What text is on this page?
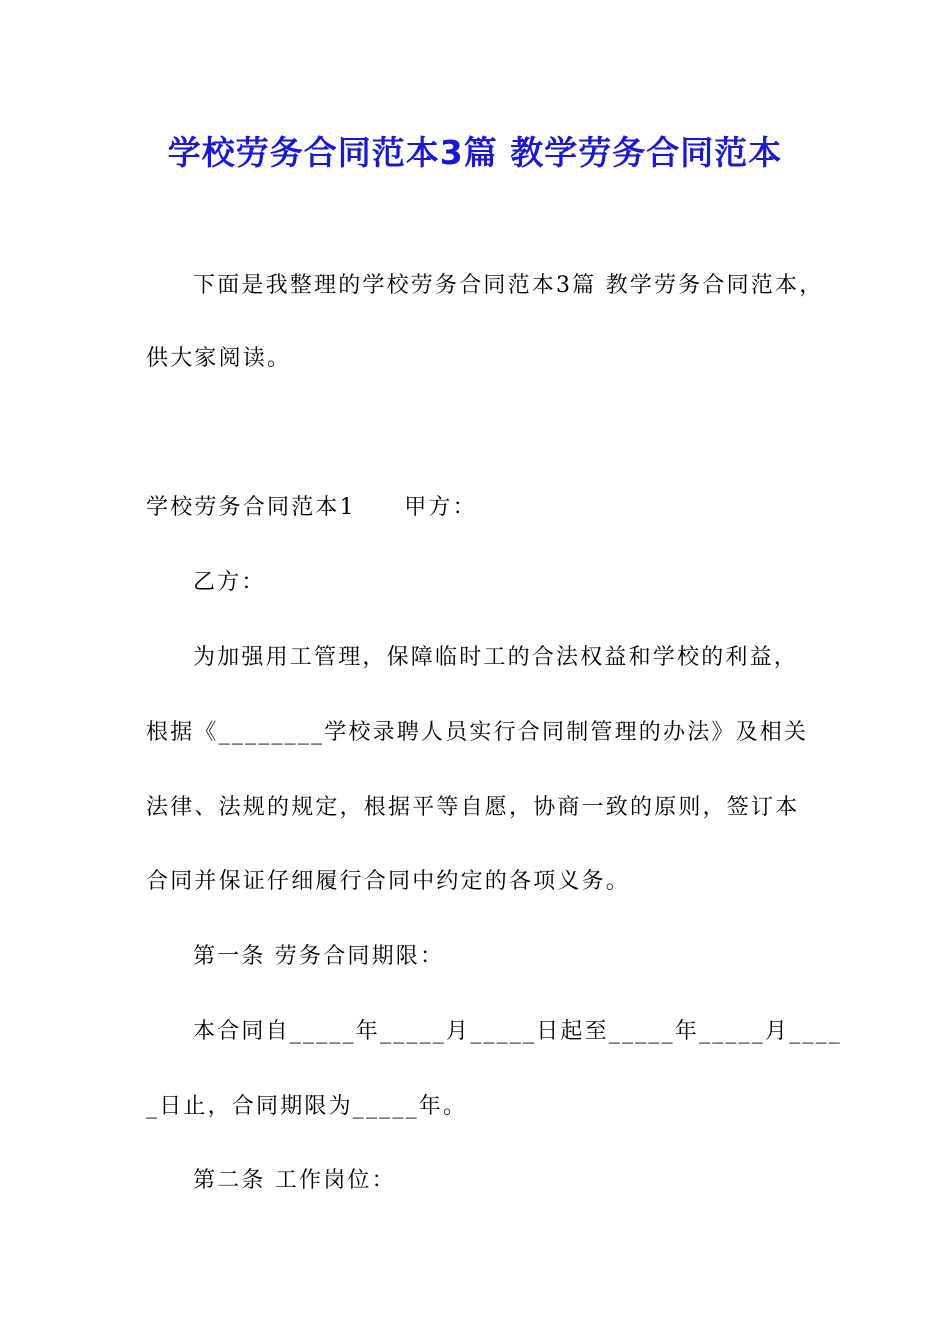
学校劳务合同范本3篇 教学劳务合同范本

下面是我整理的学校劳务合同范本3篇 教学劳务合同范本，

供大家阅读。

学校劳务合同范本1　　甲方：

乙方：

为加强用工管理，保障临时工的合法权益和学校的利益，

根据《________学校录聘人员实行合同制管理的办法》及相关

法律、法规的规定，根据平等自愿，协商一致的原则，签订本

合同并保证仔细履行合同中约定的各项义务。

第一条 劳务合同期限：

本合同自_____年_____月_____日起至_____年_____月____

_日止，合同期限为_____年。

第二条 工作岗位：
